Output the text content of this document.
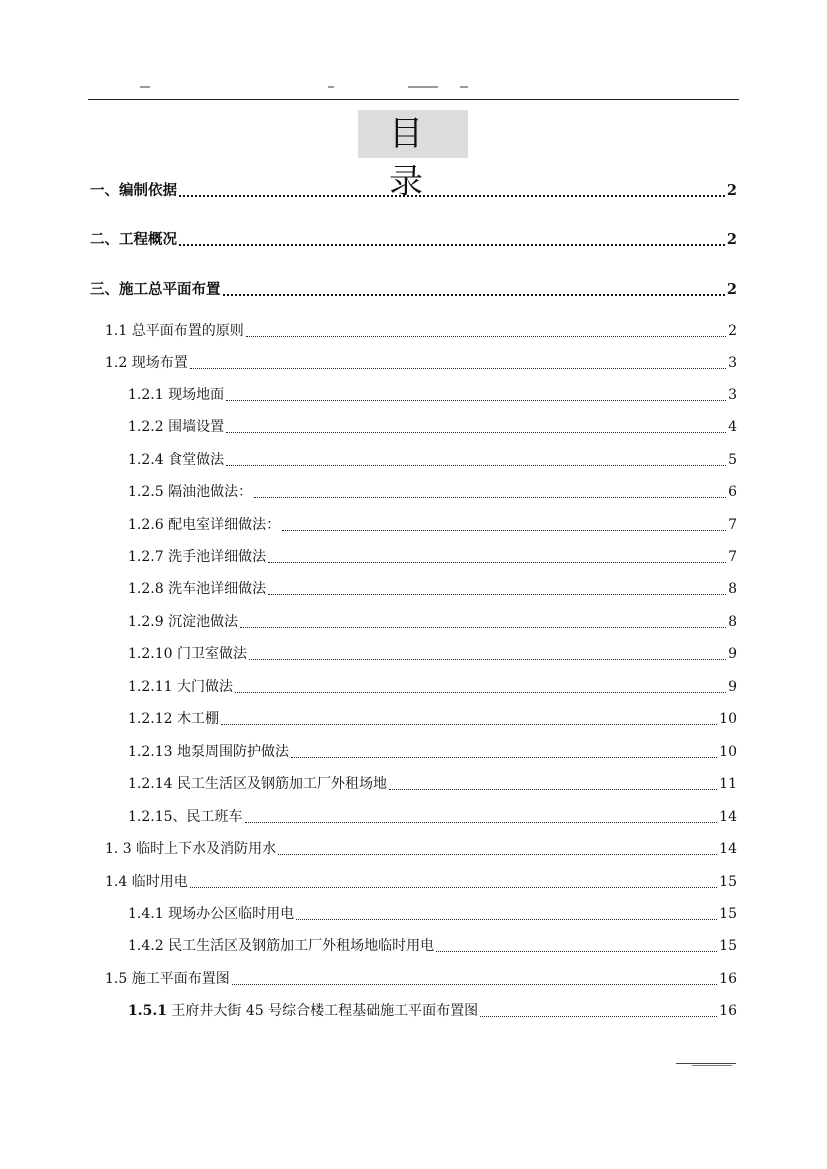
目 录
一、编制依据	2
二、工程概况	2
三、施工总平面布置	2
1.1 总平面布置的原则	2
1.2 现场布置	3
1.2.1 现场地面	3
1.2.2 围墙设置	4
1.2.4 食堂做法	5
1.2.5 隔油池做法：	6
1.2.6 配电室详细做法：	7
1.2.7 洗手池详细做法	7
1.2.8 洗车池详细做法	8
1.2.9 沉淀池做法	8
1.2.10 门卫室做法	9
1.2.11 大门做法	9
1.2.12 木工棚	10
1.2.13 地泵周围防护做法	10
1.2.14 民工生活区及钢筋加工厂外租场地	11
1.2.15、民工班车	14
1. 3 临时上下水及消防用水	14
1.4 临时用电	15
1.4.1 现场办公区临时用电	15
1.4.2 民工生活区及钢筋加工厂外租场地临时用电	15
1.5 施工平面布置图	16
1.5.1 王府井大街 45 号综合楼工程基础施工平面布置图	16
